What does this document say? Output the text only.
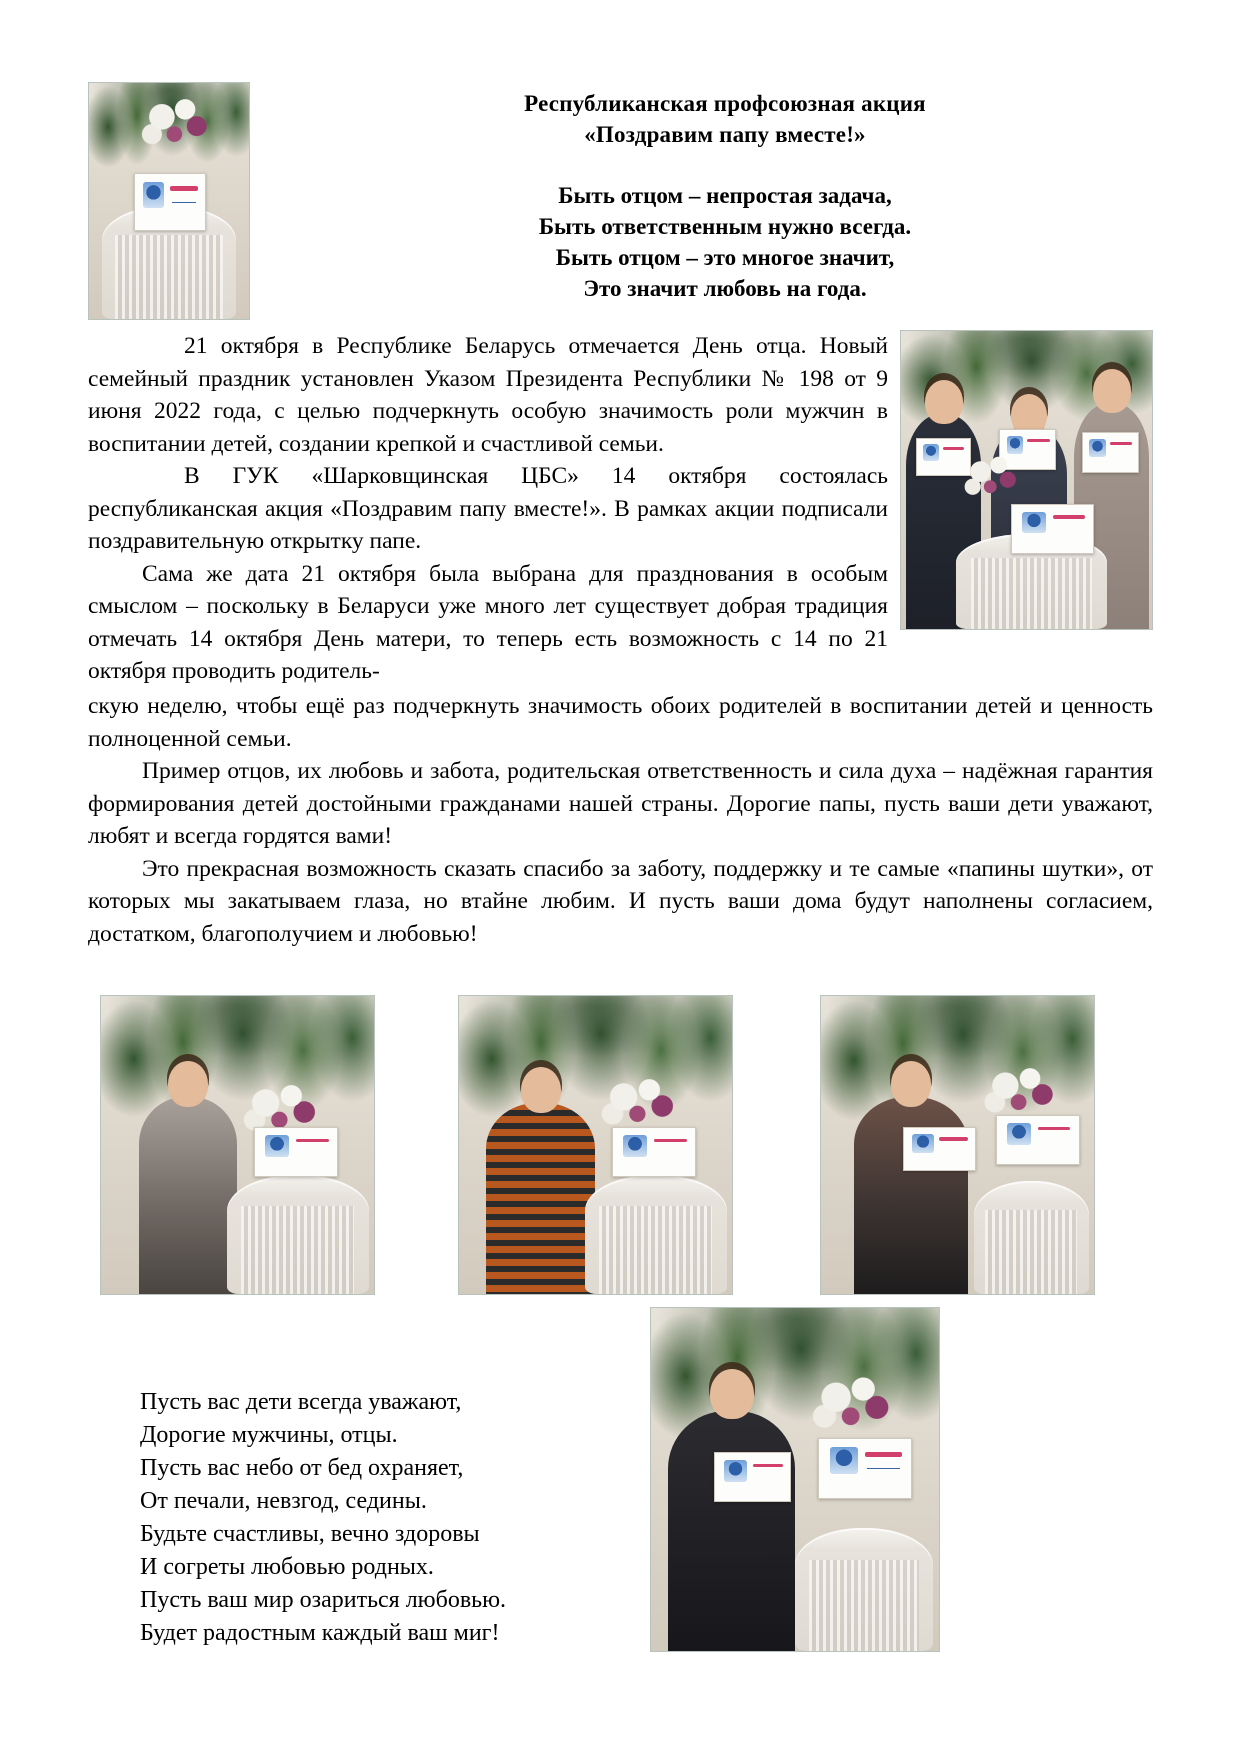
Республиканская профсоюзная акция
«Поздравим папу вместе!»
Быть отцом – непростая задача,
Быть ответственным нужно всегда.
Быть отцом – это многое значит,
Это значит любовь на года.

21 октября в Республике Беларусь отмечается День отца. Новый семейный праздник установлен Указом Президента Республики № 198 от 9 июня 2022 года, с целью подчеркнуть особую значимость роли мужчин в воспитании детей, создании крепкой и счастливой семьи.

В ГУК «Шарковщинская ЦБС» 14 октября состоялась республиканская акция «Поздравим папу вместе!». В рамках акции подписали поздравительную открытку папе.

Сама же дата 21 октября была выбрана для празднования в особым смыслом – поскольку в Беларуси уже много лет существует добрая традиция отмечать 14 октября День матери, то теперь есть возможность с 14 по 21 октября проводить родитель-

скую неделю, чтобы ещё раз подчеркнуть значимость обоих родителей в воспитании детей и ценность полноценной семьи.

Пример отцов, их любовь и забота, родительская ответственность и сила духа – надёжная гарантия формирования детей достойными гражданами нашей страны. Дорогие папы, пусть ваши дети уважают, любят и всегда гордятся вами!

Это прекрасная возможность сказать спасибо за заботу, поддержку и те самые «папины шутки», от которых мы закатываем глаза, но втайне любим. И пусть ваши дома будут наполнены согласием, достатком, благополучием и любовью!

Пусть вас дети всегда уважают,
Дорогие мужчины, отцы.
Пусть вас небо от бед охраняет,
От печали, невзгод, седины.
Будьте счастливы, вечно здоровы
И согреты любовью родных.
Пусть ваш мир озариться любовью.
Будет радостным каждый ваш миг!
